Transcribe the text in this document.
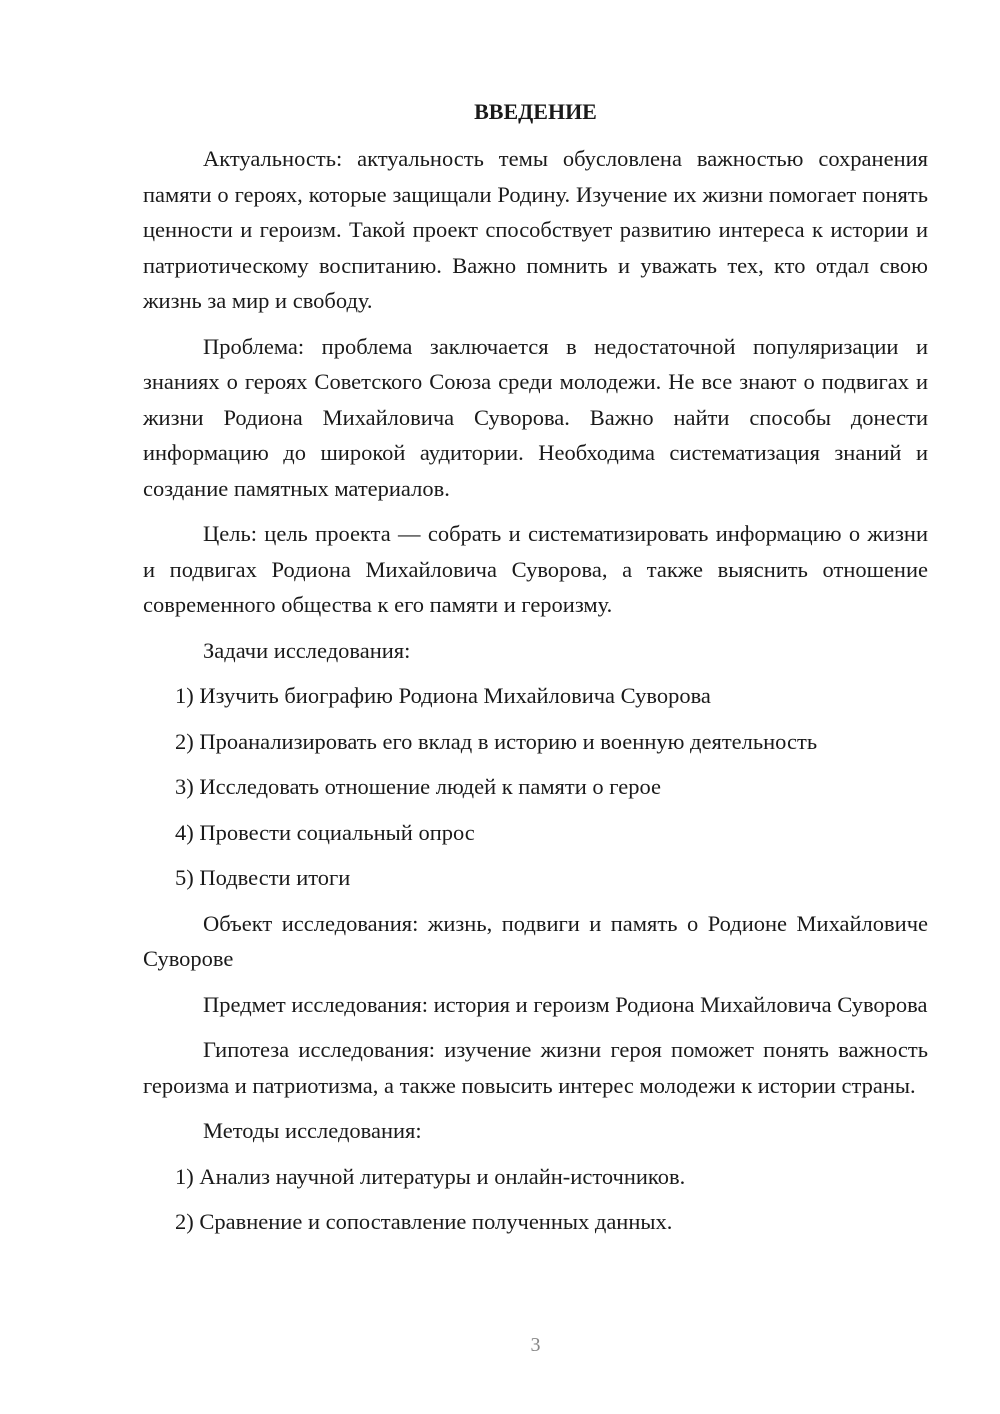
ВВЕДЕНИЕ

Актуальность: актуальность темы обусловлена важностью сохранения памяти о героях, которые защищали Родину. Изучение их жизни помогает понять ценности и героизм. Такой проект способствует развитию интереса к истории и патриотическому воспитанию. Важно помнить и уважать тех, кто отдал свою жизнь за мир и свободу.

Проблема: проблема заключается в недостаточной популяризации и знаниях о героях Советского Союза среди молодежи. Не все знают о подвигах и жизни Родиона Михайловича Суворова. Важно найти способы донести информацию до широкой аудитории. Необходима систематизация знаний и создание памятных материалов.

Цель: цель проекта — собрать и систематизировать информацию о жизни и подвигах Родиона Михайловича Суворова, а также выяснить отношение современного общества к его памяти и героизму.

Задачи исследования:

1) Изучить биографию Родиона Михайловича Суворова

2) Проанализировать его вклад в историю и военную деятельность

3) Исследовать отношение людей к памяти о герое

4) Провести социальный опрос

5) Подвести итоги

Объект исследования: жизнь, подвиги и память о Родионе Михайловиче Суворове

Предмет исследования: история и героизм Родиона Михайловича Суворова

Гипотеза исследования: изучение жизни героя поможет понять важность героизма и патриотизма, а также повысить интерес молодежи к истории страны.

Методы исследования:

1) Анализ научной литературы и онлайн-источников.

2) Сравнение и сопоставление полученных данных.

3
